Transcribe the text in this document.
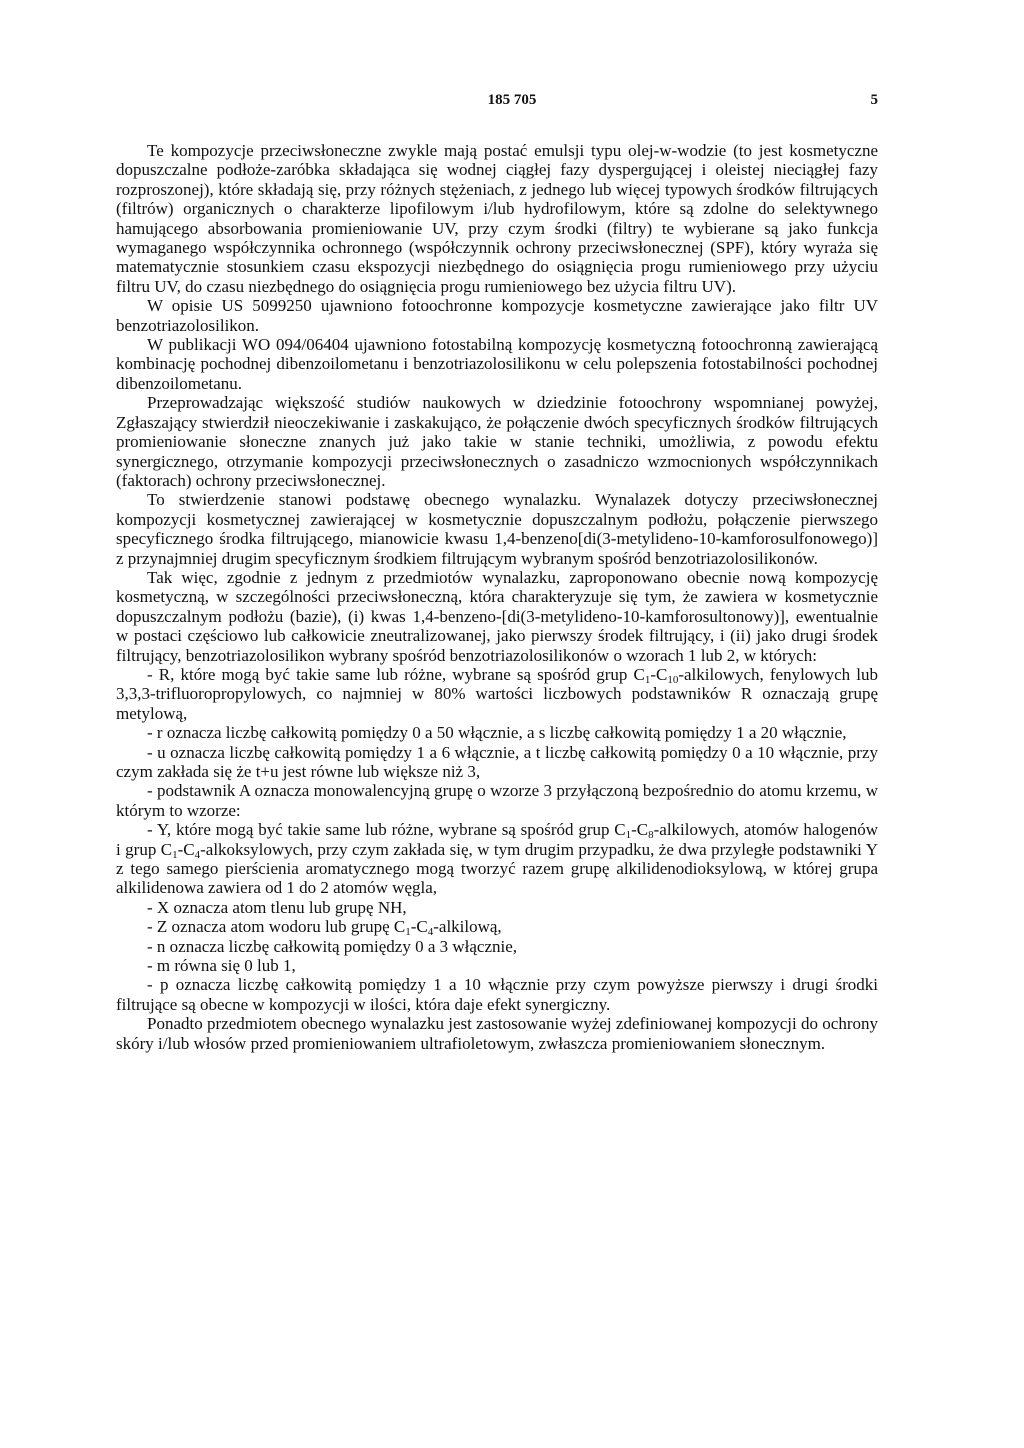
185 705	5

Te kompozycje przeciwsłoneczne zwykle mają postać emulsji typu olej-w-wodzie (to jest kosmetyczne dopuszczalne podłoże-zaróbka składająca się wodnej ciągłej fazy dyspergującej i oleistej nieciągłej fazy rozproszonej), które składają się, przy różnych stężeniach, z jednego lub więcej typowych środków filtrujących (filtrów) organicznych o charakterze lipofilowym i/lub hydrofilowym, które są zdolne do selektywnego hamującego absorbowania promieniowanie UV, przy czym środki (filtry) te wybierane są jako funkcja wymaganego współczynnika ochronnego (współczynnik ochrony przeciwsłonecznej (SPF), który wyraża się matematycznie stosunkiem czasu ekspozycji niezbędnego do osiągnięcia progu rumieniowego przy użyciu filtru UV, do czasu niezbędnego do osiągnięcia progu rumieniowego bez użycia filtru UV).

W opisie US 5099250 ujawniono fotoochronne kompozycje kosmetyczne zawierające jako filtr UV benzotriazolosilikon.

W publikacji WO 094/06404 ujawniono fotostabilną kompozycję kosmetyczną fotoochronną zawierającą kombinację pochodnej dibenzoilometanu i benzotriazolosilikonu w celu polepszenia fotostabilności pochodnej dibenzoilometanu.

Przeprowadzając większość studiów naukowych w dziedzinie fotoochrony wspomnianej powyżej, Zgłaszający stwierdził nieoczekiwanie i zaskakująco, że połączenie dwóch specyficznych środków filtrujących promieniowanie słoneczne znanych już jako takie w stanie techniki, umożliwia, z powodu efektu synergicznego, otrzymanie kompozycji przeciwsłonecznych o zasadniczo wzmocnionych współczynnikach (faktorach) ochrony przeciwsłonecznej.

To stwierdzenie stanowi podstawę obecnego wynalazku. Wynalazek dotyczy przeciwsłonecznej kompozycji kosmetycznej zawierającej w kosmetycznie dopuszczalnym podłożu, połączenie pierwszego specyficznego środka filtrującego, mianowicie kwasu 1,4-benzeno[di(3-metylideno-10-kamforosulfonowego)] z przynajmniej drugim specyficznym środkiem filtrującym wybranym spośród benzotriazolosilikonów.

Tak więc, zgodnie z jednym z przedmiotów wynalazku, zaproponowano obecnie nową kompozycję kosmetyczną, w szczególności przeciwsłoneczną, która charakteryzuje się tym, że zawiera w kosmetycznie dopuszczalnym podłożu (bazie), (i) kwas 1,4-benzeno-[di(3-metylideno-10-kamforosultonowy)], ewentualnie w postaci częściowo lub całkowicie zneutralizowanej, jako pierwszy środek filtrujący, i (ii) jako drugi środek filtrujący, benzotriazolosilikon wybrany spośród benzotriazolosilikonów o wzorach 1 lub 2, w których:

- R, które mogą być takie same lub różne, wybrane są spośród grup $C_1-C_{10}$-alkilowych, fenylowych lub 3,3,3-trifluoropropylowych, co najmniej w 80% wartości liczbowych podstawników R oznaczają grupę metylową,

- r oznacza liczbę całkowitą pomiędzy 0 a 50 włącznie, a s liczbę całkowitą pomiędzy 1 a 20 włącznie,

- u oznacza liczbę całkowitą pomiędzy 1 a 6 włącznie, a t liczbę całkowitą pomiędzy 0 a 10 włącznie, przy czym zakłada się że t+u jest równe lub większe niż 3,

- podstawnik A oznacza monowalencyjną grupę o wzorze 3 przyłączoną bezpośrednio do atomu krzemu, w którym to wzorze:

- Y, które mogą być takie same lub różne, wybrane są spośród grup $C_1-C_8$-alkilowych, atomów halogenów i grup $C_1-C_4$-alkoksylowych, przy czym zakłada się, w tym drugim przypadku, że dwa przyległe podstawniki Y z tego samego pierścienia aromatycznego mogą tworzyć razem grupę alkilidenodioksylową, w której grupa alkilidenowa zawiera od 1 do 2 atomów węgla,

- X oznacza atom tlenu lub grupę NH,

- Z oznacza atom wodoru lub grupę $C_1-C_4$-alkilową,

- n oznacza liczbę całkowitą pomiędzy 0 a 3 włącznie,

- m równa się 0 lub 1,

- p oznacza liczbę całkowitą pomiędzy 1 a 10 włącznie przy czym powyższe pierwszy i drugi środki filtrujące są obecne w kompozycji w ilości, która daje efekt synergiczny.

Ponadto przedmiotem obecnego wynalazku jest zastosowanie wyżej zdefiniowanej kompozycji do ochrony skóry i/lub włosów przed promieniowaniem ultrafioletowym, zwłaszcza promieniowaniem słonecznym.
